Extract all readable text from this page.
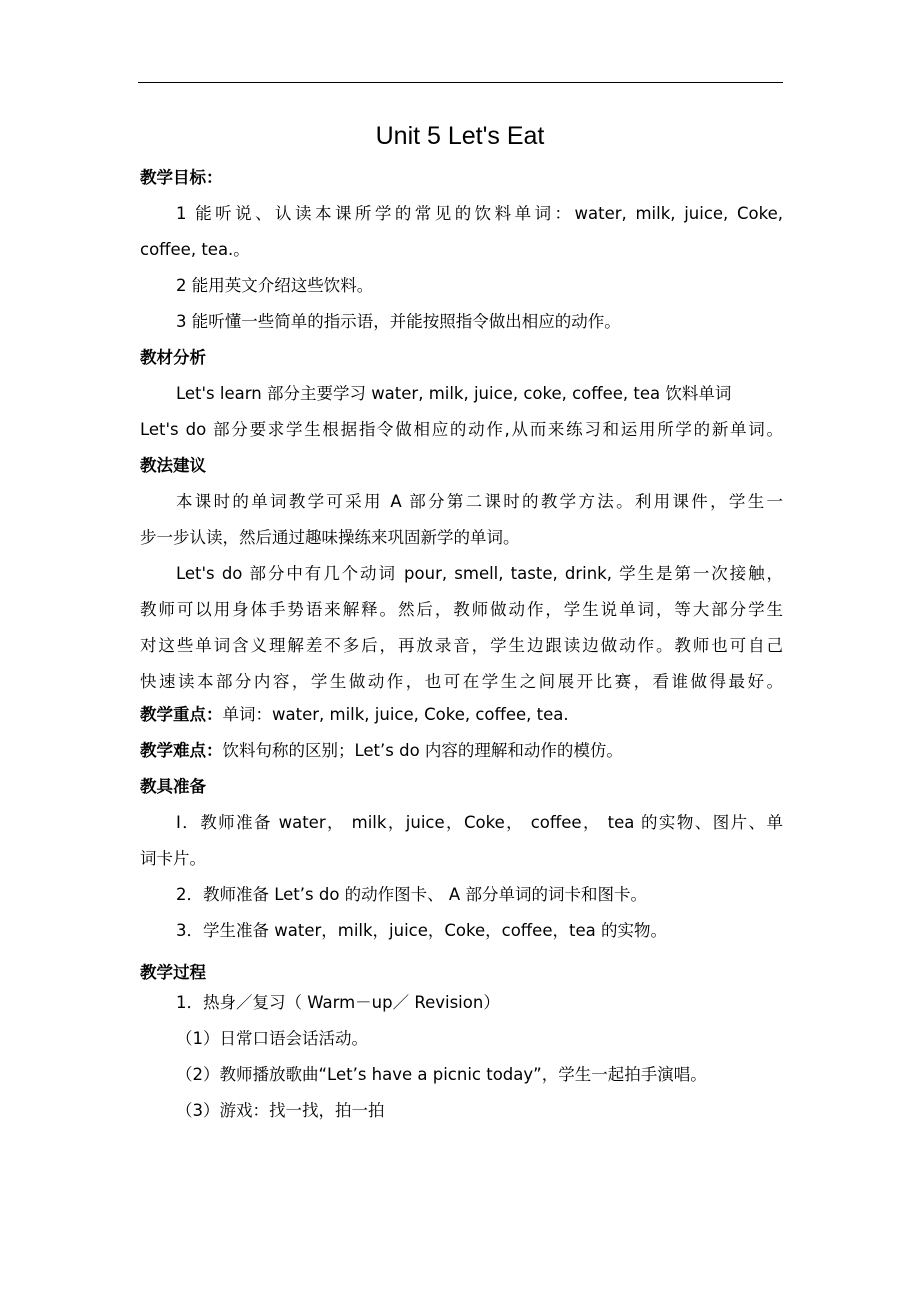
Unit 5 Let's Eat
教学目标：
1 能听说、认读本课所学的常见的饮料单词：water, milk, juice, Coke,
coffee, tea.。
2 能用英文介绍这些饮料。
3 能听懂一些简单的指示语，并能按照指令做出相应的动作。
教材分析
Let's learn 部分主要学习 water, milk, juice, coke, coffee, tea 饮料单词
Let's do 部分要求学生根据指令做相应的动作,从而来练习和运用所学的新单词。
教法建议
本课时的单词教学可采用 A 部分第二课时的教学方法。利用课件，学生一
步一步认读，然后通过趣味操练来巩固新学的单词。
Let's do 部分中有几个动词 pour, smell, taste, drink, 学生是第一次接触，
教师可以用身体手势语来解释。然后，教师做动作，学生说单词，等大部分学生
对这些单词含义理解差不多后，再放录音，学生边跟读边做动作。教师也可自己
快速读本部分内容，学生做动作，也可在学生之间展开比赛，看谁做得最好。
教学重点：单词：water, milk, juice, Coke, coffee, tea.
教学难点：饮料句称的区别；Let’s do 内容的理解和动作的模仿。
教具准备
I．教师准备 water， milk，juice，Coke， coffee， tea 的实物、图片、单
词卡片。
2．教师准备 Let’s do 的动作图卡、 A 部分单词的词卡和图卡。
3．学生准备 water，milk，juice，Coke，coffee，tea 的实物。
教学过程
1．热身／复习（ Warm－up／ Revision）
（1）日常口语会话活动。
（2）教师播放歌曲“Let’s have a picnic today”，学生一起拍手演唱。
（3）游戏：找一找，拍一拍
